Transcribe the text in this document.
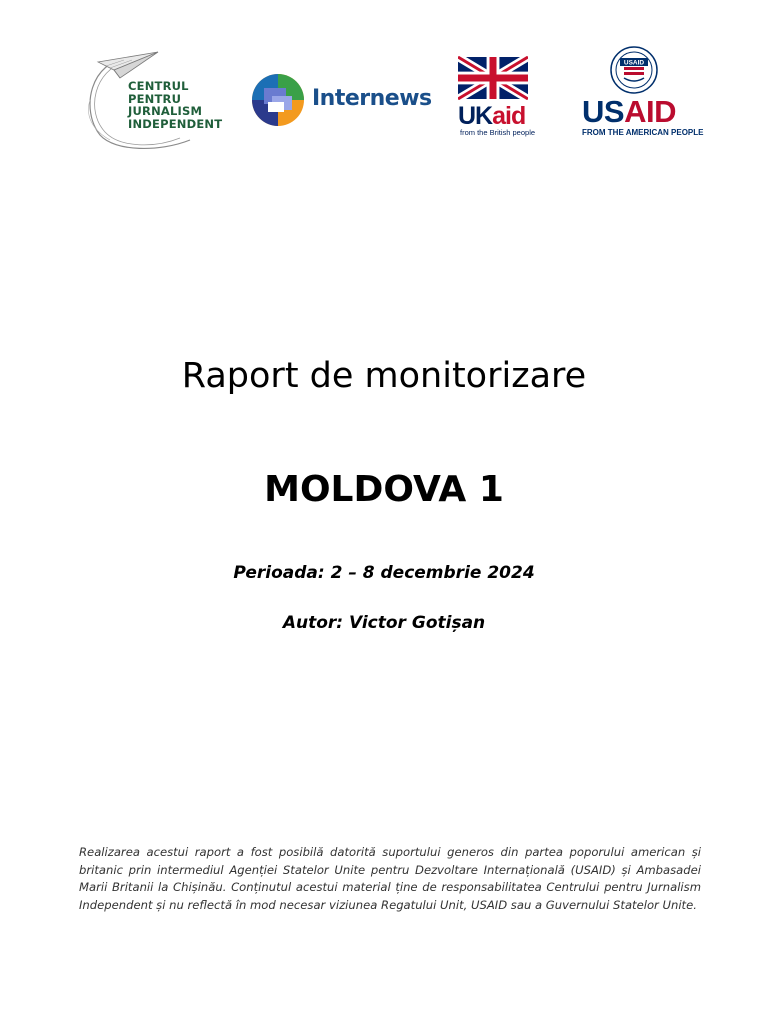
CENTRUL
PENTRU
JURNALISM
INDEPENDENT
Internews
UKaid
from the British people
USAID
USAID
FROM THE AMERICAN PEOPLE
Raport de monitorizare
MOLDOVA 1
Perioada: 2 – 8 decembrie 2024
Autor: Victor Gotișan
Realizarea acestui raport a fost posibilă datorită suportului generos din partea poporului american și britanic prin intermediul Agenției Statelor Unite pentru Dezvoltare Internațională (USAID) și Ambasadei Marii Britanii la Chișinău. Conținutul acestui material ține de responsabilitatea Centrului pentru Jurnalism Independent și nu reflectă în mod necesar viziunea Regatului Unit, USAID sau a Guvernului Statelor Unite.
